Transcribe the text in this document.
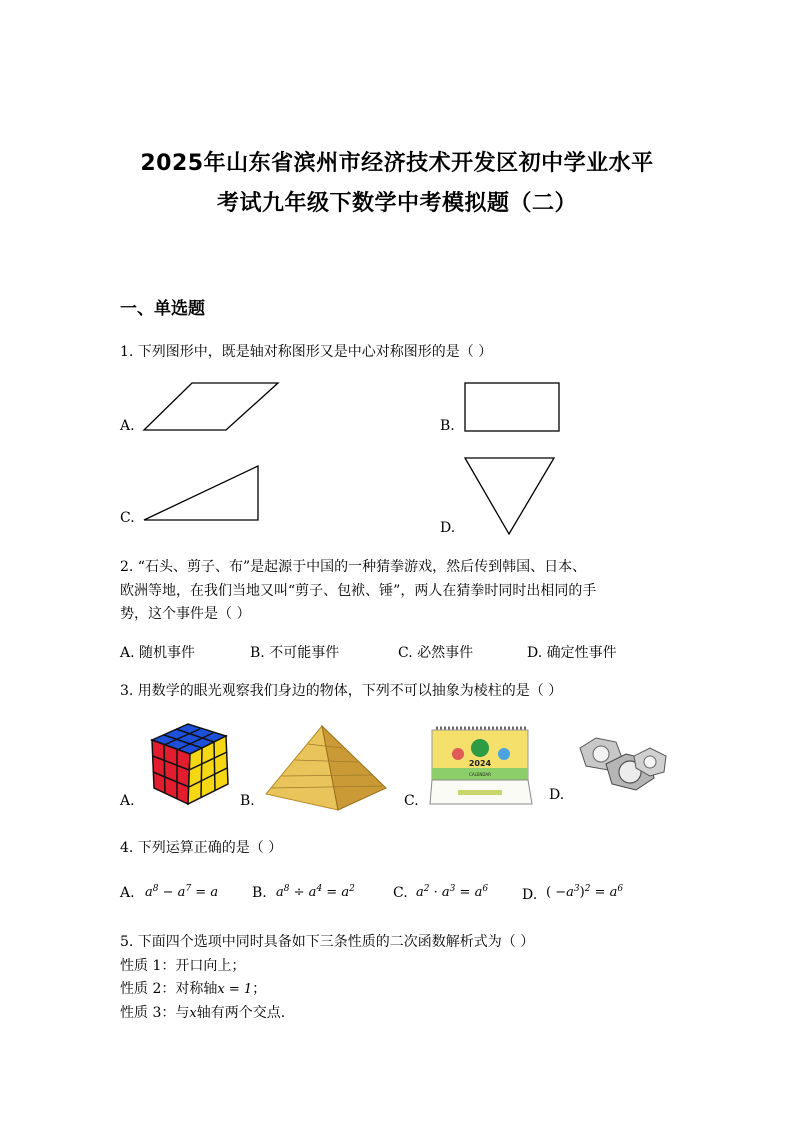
2025年山东省滨州市经济技术开发区初中学业水平
考试九年级下数学中考模拟题（二）
一、单选题
1. 下列图形中，既是轴对称图形又是中心对称图形的是（ ）
A.	B.
C.
D.
2. “石头、剪子、布”是起源于中国的一种猜拳游戏，然后传到韩国、日本、
欧洲等地，在我们当地又叫“剪子、包袱、锤”，两人在猜拳时同时出相同的手
势，这个事件是（ ）
A. 随机事件	B. 不可能事件	C. 必然事件	D. 确定性事件
3. 用数学的眼光观察我们身边的物体，下列不可以抽象为棱柱的是（ ）
A.	B.	C.
2024
CALENDAR
D.
4. 下列运算正确的是（ ）
A. $a^8 - a^7 = a$ B. $a^8 \div a^4 = a^2$	C. $a^2 \cdot a^3 = a^6$ D. ( $-a^3)^2 = a^6$
5. 下面四个选项中同时具备如下三条性质的二次函数解析式为（ ）
性质 1：开口向上；
性质 2：对称轴x = 1；
性质 3：与x轴有两个交点.
